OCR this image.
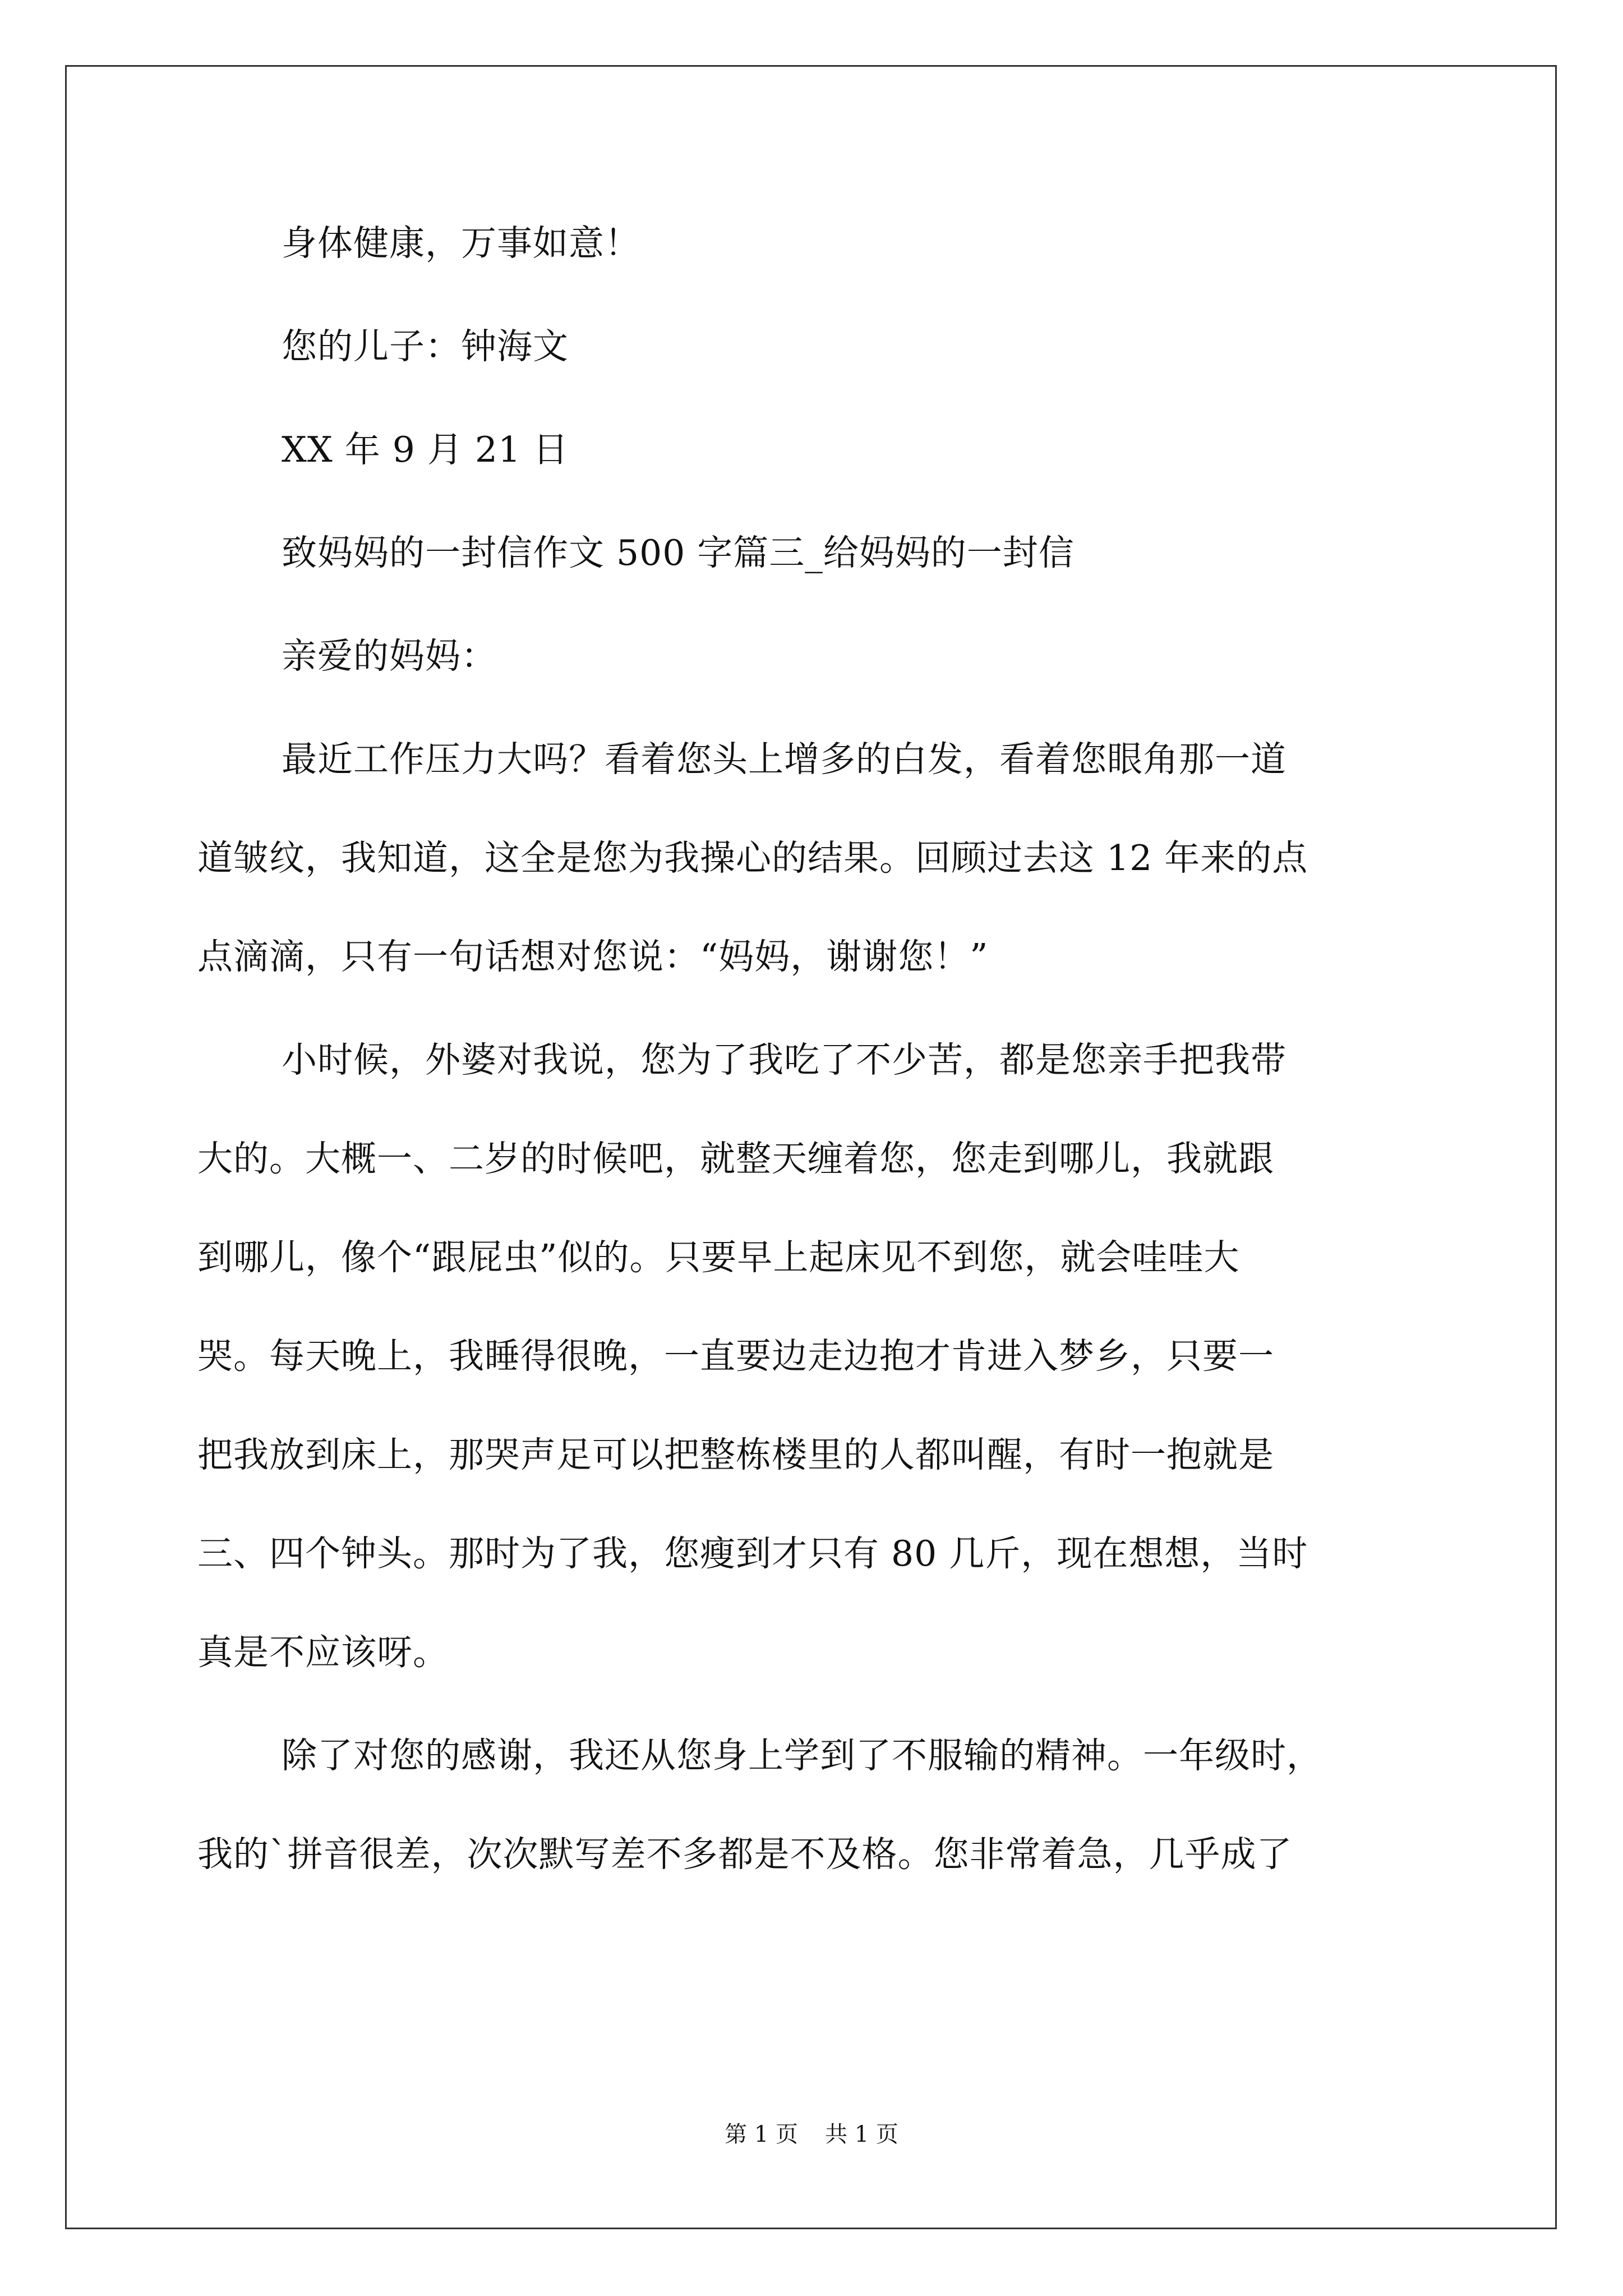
身体健康，万事如意！
您的儿子：钟海文
XX 年 9 月 21 日
致妈妈的一封信作文 500 字篇三_给妈妈的一封信
亲爱的妈妈：
最近工作压力大吗？看着您头上增多的白发，看着您眼角那一道
道皱纹，我知道，这全是您为我操心的结果。回顾过去这 12 年来的点
点滴滴，只有一句话想对您说：“妈妈，谢谢您！”
小时候，外婆对我说，您为了我吃了不少苦，都是您亲手把我带
大的。大概一、二岁的时候吧，就整天缠着您，您走到哪儿，我就跟
到哪儿，像个“跟屁虫”似的。只要早上起床见不到您，就会哇哇大
哭。每天晚上，我睡得很晚，一直要边走边抱才肯进入梦乡，只要一
把我放到床上，那哭声足可以把整栋楼里的人都叫醒，有时一抱就是
三、四个钟头。那时为了我，您瘦到才只有 80 几斤，现在想想，当时
真是不应该呀。
除了对您的感谢，我还从您身上学到了不服输的精神。一年级时，
我的`拼音很差，次次默写差不多都是不及格。您非常着急，几乎成了
第 1 页 共 1 页
